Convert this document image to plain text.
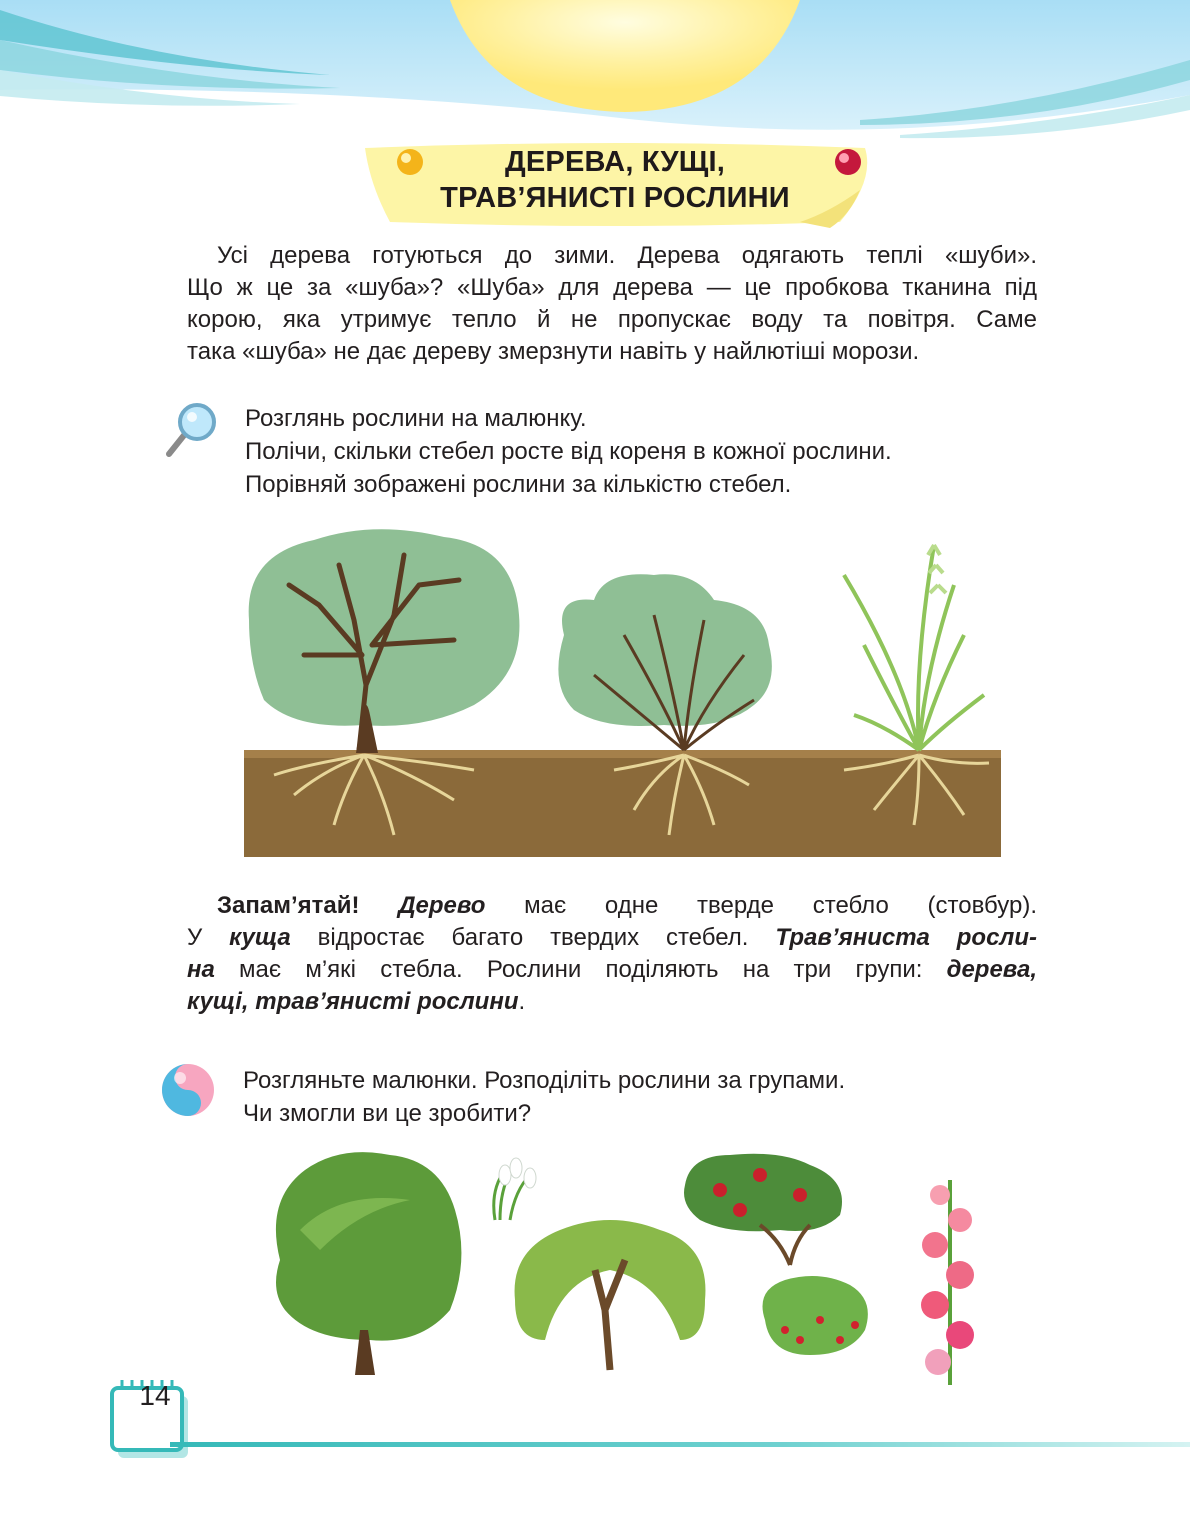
ДЕРЕВА, КУЩІ,
ТРАВ’ЯНИСТІ РОСЛИНИ
Усі дерева готуються до зими. Дерева одягають теплі «шуби».
Що ж це за «шуба»? «Шуба» для дерева — це пробкова тканина під
корою, яка утримує тепло й не пропускає воду та повітря. Саме
така «шуба» не дає дереву змерзнути навіть у найлютіші морози.
Розглянь рослини на малюнку.
Полічи, скільки стебел росте від кореня в кожної рослини.
Порівняй зображені рослини за кількістю стебел.
Запам’ятай! Дерево має одне тверде стебло (стовбур).
У куща відростає багато твердих стебел. Трав’яниста росли-
на має м’які стебла. Рослини поділяють на три групи: дерева,
кущі, трав’янисті рослини.
Розгляньте малюнки. Розподіліть рослини за групами.
Чи змогли ви це зробити?
14
